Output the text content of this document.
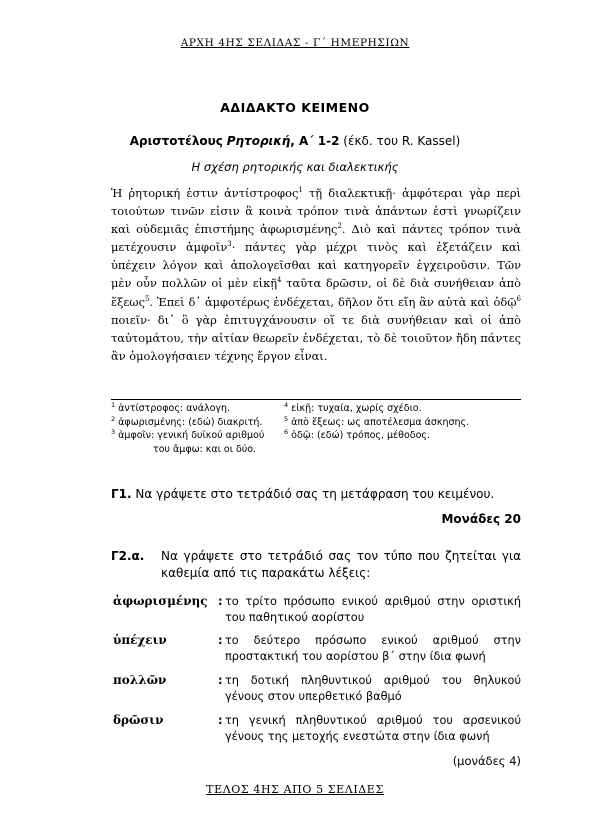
ΑΡΧΗ 4ΗΣ ΣΕΛΙΔΑΣ - Γ΄ ΗΜΕΡΗΣΙΩΝ
ΑΔΙΔΑΚΤΟ ΚΕΙΜΕΝΟ
Αριστοτέλους Ρητορική, Α΄ 1-2 (έκδ. του R. Kassel)
Η σχέση ρητορικής και διαλεκτικής

Ἡ ῥητορική ἐστιν ἀντίστροφος$^1$ τῇ διαλεκτικῇ· ἀμφότεραι γὰρ περὶ τοιούτων τινῶν εἰσιν ἃ κοινὰ τρόπον τινὰ ἁπάντων ἐστὶ γνωρίζειν καὶ οὐδεμιᾶς ἐπιστήμης ἀφωρισμένης$^2$. Διὸ καὶ πάντες τρόπον τινὰ μετέχουσιν ἀμφοῖν$^3$· πάντες γὰρ μέχρι τινὸς καὶ ἐξετάζειν καὶ ὑπέχειν λόγον καὶ ἀπολογεῖσθαι καὶ κατηγορεῖν ἐγχειροῦσιν. Τῶν μὲν οὖν πολλῶν οἱ μὲν εἰκῇ$^4$ ταῦτα δρῶσιν, οἱ δὲ διὰ συνήθειαν ἀπὸ ἕξεως$^5$. Ἐπεὶ δ᾽ ἀμφοτέρως ἐνδέχεται, δῆλον ὅτι εἴη ἂν αὐτὰ καὶ ὁδῷ$^6$ ποιεῖν· δι᾽ ὃ γὰρ ἐπιτυγχάνουσιν οἵ τε διὰ συνήθειαν καὶ οἱ ἀπὸ ταὐτομάτου, τὴν αἰτίαν θεωρεῖν ἐνδέχεται, τὸ δὲ τοιοῦτον ἤδη πάντες ἂν ὁμολογήσαιεν τέχνης ἔργον εἶναι.

$^1$ ἀντίστροφος: ανάλογη.
$^2$ ἀφωρισμένης: (εδώ) διακριτή.
$^3$ ἀμφοῖν: γενική δυϊκού αριθμού
του ἄμφω: και οι δύο.
$^4$ εἰκῇ: τυχαία, χωρίς σχέδιο.
$^5$ ἀπὸ ἕξεως: ως αποτέλεσμα άσκησης.
$^6$ ὁδῷ: (εδώ) τρόπος, μέθοδος.
Γ1. Να γράψετε στο τετράδιό σας τη μετάφραση του κειμένου.
Μονάδες 20
Γ2.α. Να γράψετε στο τετράδιό σας τον τύπο που ζητείται για καθεμία από τις παρακάτω λέξεις:
ἀφωρισμένης : το τρίτο πρόσωπο ενικού αριθμού στην οριστική του παθητικού αορίστου
ὑπέχειν	: το δεύτερο πρόσωπο ενικού αριθμού στην προστακτική του αορίστου β΄ στην ίδια φωνή
πολλῶν	: τη δοτική πληθυντικού αριθμού του θηλυκού γένους στον υπερθετικό βαθμό
δρῶσιν	: τη γενική πληθυντικού αριθμού του αρσενικού γένους της μετοχής ενεστώτα στην ίδια φωνή
(μονάδες 4)
ΤΕΛΟΣ 4ΗΣ ΑΠΟ 5 ΣΕΛΙΔΕΣ
